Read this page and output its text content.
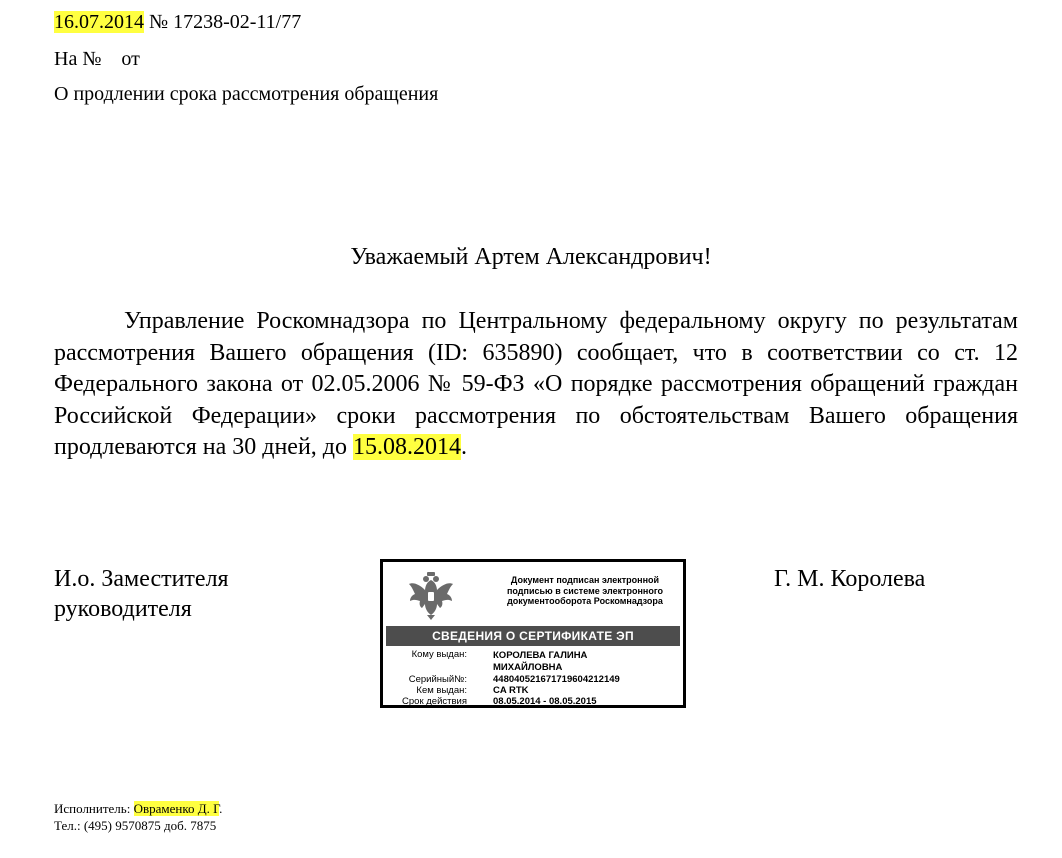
16.07.2014 № 17238-02-11/77
На №    от
О продлении срока рассмотрения обращения
Уважаемый Артем Александрович!
Управление Роскомнадзора по Центральному федеральному округу по результатам рассмотрения Вашего обращения (ID: 635890) сообщает, что в соответствии со ст. 12 Федерального закона от 02.05.2006 № 59-ФЗ «О порядке рассмотрения обращений граждан Российской Федерации» сроки рассмотрения по обстоятельствам Вашего обращения продлеваются на 30 дней, до 15.08.2014.
И.о. Заместителя
руководителя
Документ подписан электронной
подписью в системе электронного
документооборота Роскомнадзора
СВЕДЕНИЯ О СЕРТИФИКАТЕ ЭП
Кому выдан:	КОРОЛЕВА ГАЛИНА
МИХАЙЛОВНА
Серийный№:	44804052167171960421214​9
Кем выдан:	CA RTK
Срок действия	08.05.2014 - 08.05.2015
Г. М. Королева
Исполнитель: Овраменко Д. Г.
Тел.: (495) 9570875 доб. 7875
